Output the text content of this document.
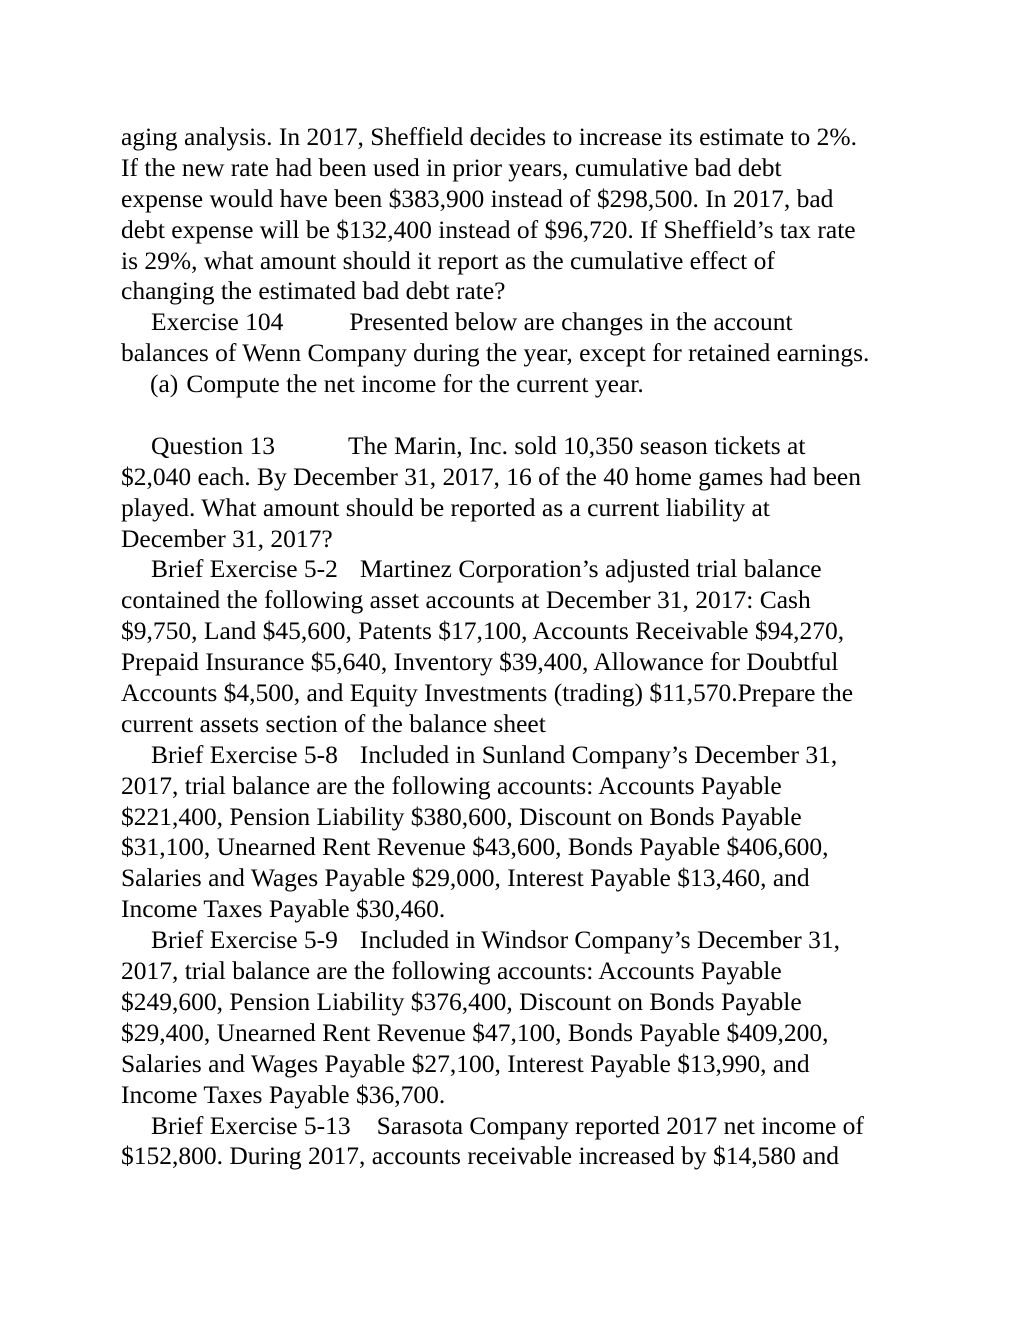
aging analysis. In 2017, Sheffield decides to increase its estimate to 2%.
If the new rate had been used in prior years, cumulative bad debt
expense would have been $383,900 instead of $298,500. In 2017, bad
debt expense will be $132,400 instead of $96,720. If Sheffield’s tax rate
is 29%, what amount should it report as the cumulative effect of
changing the estimated bad debt rate?
Exercise 104	Presented below are changes in the account
balances of Wenn Company during the year, except for retained earnings.
(a) Compute the net income for the current year.
Question 13	The Marin, Inc. sold 10,350 season tickets at
$2,040 each. By December 31, 2017, 16 of the 40 home games had been
played. What amount should be reported as a current liability at
December 31, 2017?
Brief Exercise 5-2 Martinez Corporation’s adjusted trial balance
contained the following asset accounts at December 31, 2017: Cash
$9,750, Land $45,600, Patents $17,100, Accounts Receivable $94,270,
Prepaid Insurance $5,640, Inventory $39,400, Allowance for Doubtful
Accounts $4,500, and Equity Investments (trading) $11,570.Prepare the
current assets section of the balance sheet
Brief Exercise 5-8 Included in Sunland Company’s December 31,
2017, trial balance are the following accounts: Accounts Payable
$221,400, Pension Liability $380,600, Discount on Bonds Payable
$31,100, Unearned Rent Revenue $43,600, Bonds Payable $406,600,
Salaries and Wages Payable $29,000, Interest Payable $13,460, and
Income Taxes Payable $30,460.
Brief Exercise 5-9 Included in Windsor Company’s December 31,
2017, trial balance are the following accounts: Accounts Payable
$249,600, Pension Liability $376,400, Discount on Bonds Payable
$29,400, Unearned Rent Revenue $47,100, Bonds Payable $409,200,
Salaries and Wages Payable $27,100, Interest Payable $13,990, and
Income Taxes Payable $36,700.
Brief Exercise 5-13 Sarasota Company reported 2017 net income of
$152,800. During 2017, accounts receivable increased by $14,580 and
